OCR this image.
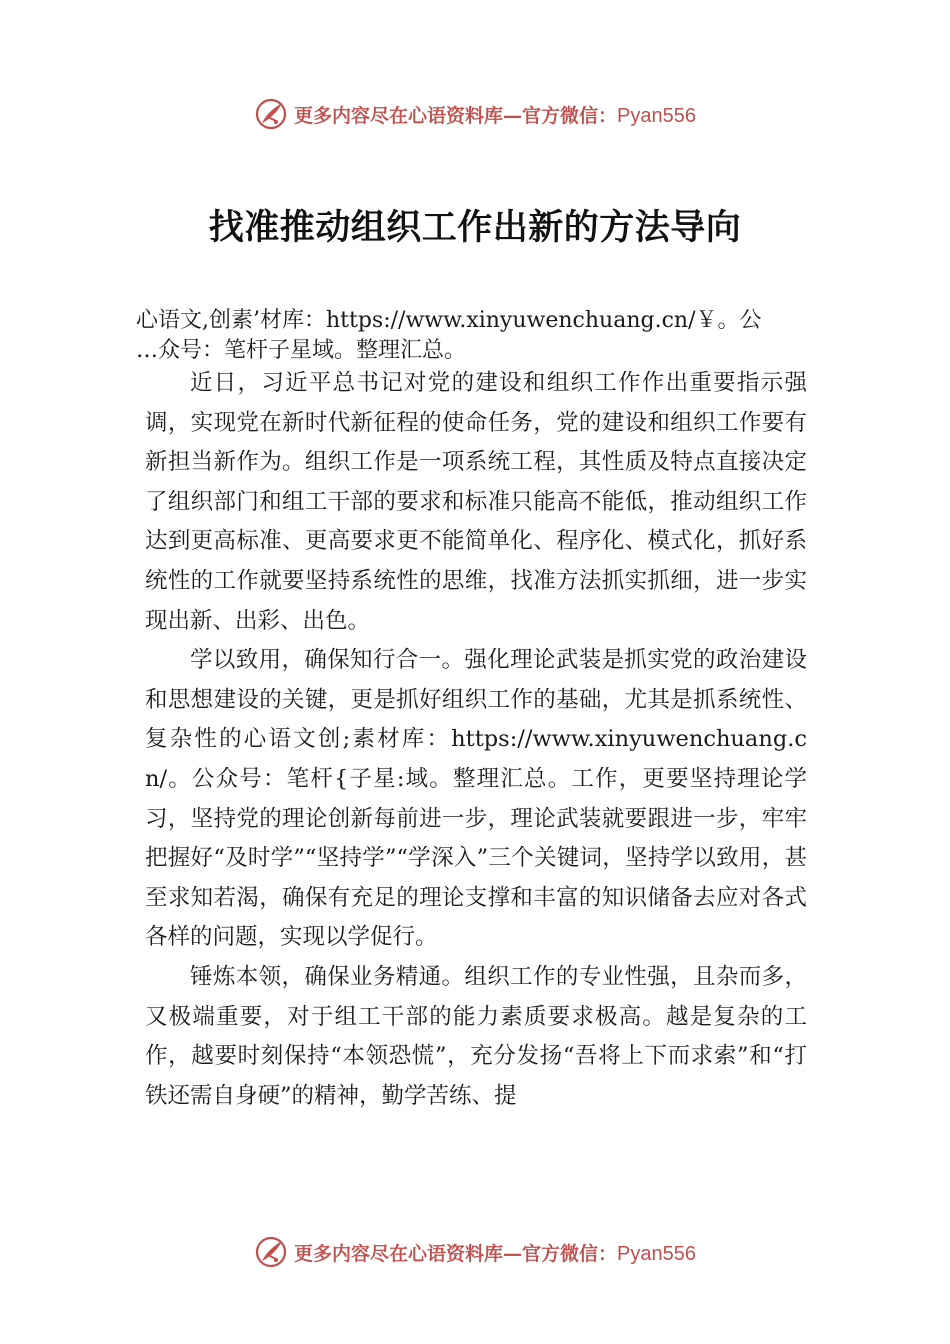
更多内容尽在心语资料库—官方微信：Pyan556
找准推动组织工作出新的方法导向
心语文,创素’材库：https://www.xinyuwenchuang.cn/￥。公
…众号：笔杆子星域。整理汇总。

近日，习近平总书记对党的建设和组织工作作出重要指示强调，实现党在新时代新征程的使命任务，党的建设和组织工作要有新担当新作为。组织工作是一项系统工程，其性质及特点直接决定了组织部门和组工干部的要求和标准只能高不能低，推动组织工作达到更高标准、更高要求更不能简单化、程序化、模式化，抓好系统性的工作就要坚持系统性的思维，找准方法抓实抓细，进一步实现出新、出彩、出色。

学以致用，确保知行合一。强化理论武装是抓实党的政治建设和思想建设的关键，更是抓好组织工作的基础，尤其是抓系统性、复杂性的心语文创;素材库：https://www.xinyuwenchuang.cn/。公众号：笔杆{子星:域。整理汇总。工作，更要坚持理论学习，坚持党的理论创新每前进一步，理论武装就要跟进一步，牢牢把握好“及时学”“坚持学”“学深入”三个关键词，坚持学以致用，甚至求知若渴，确保有充足的理论支撑和丰富的知识储备去应对各式各样的问题，实现以学促行。

锤炼本领，确保业务精通。组织工作的专业性强，且杂而多，又极端重要，对于组工干部的能力素质要求极高。越是复杂的工作，越要时刻保持“本领恐慌”，充分发扬“吾将上下而求索”和“打铁还需自身硬”的精神，勤学苦练、提

更多内容尽在心语资料库—官方微信：Pyan556
